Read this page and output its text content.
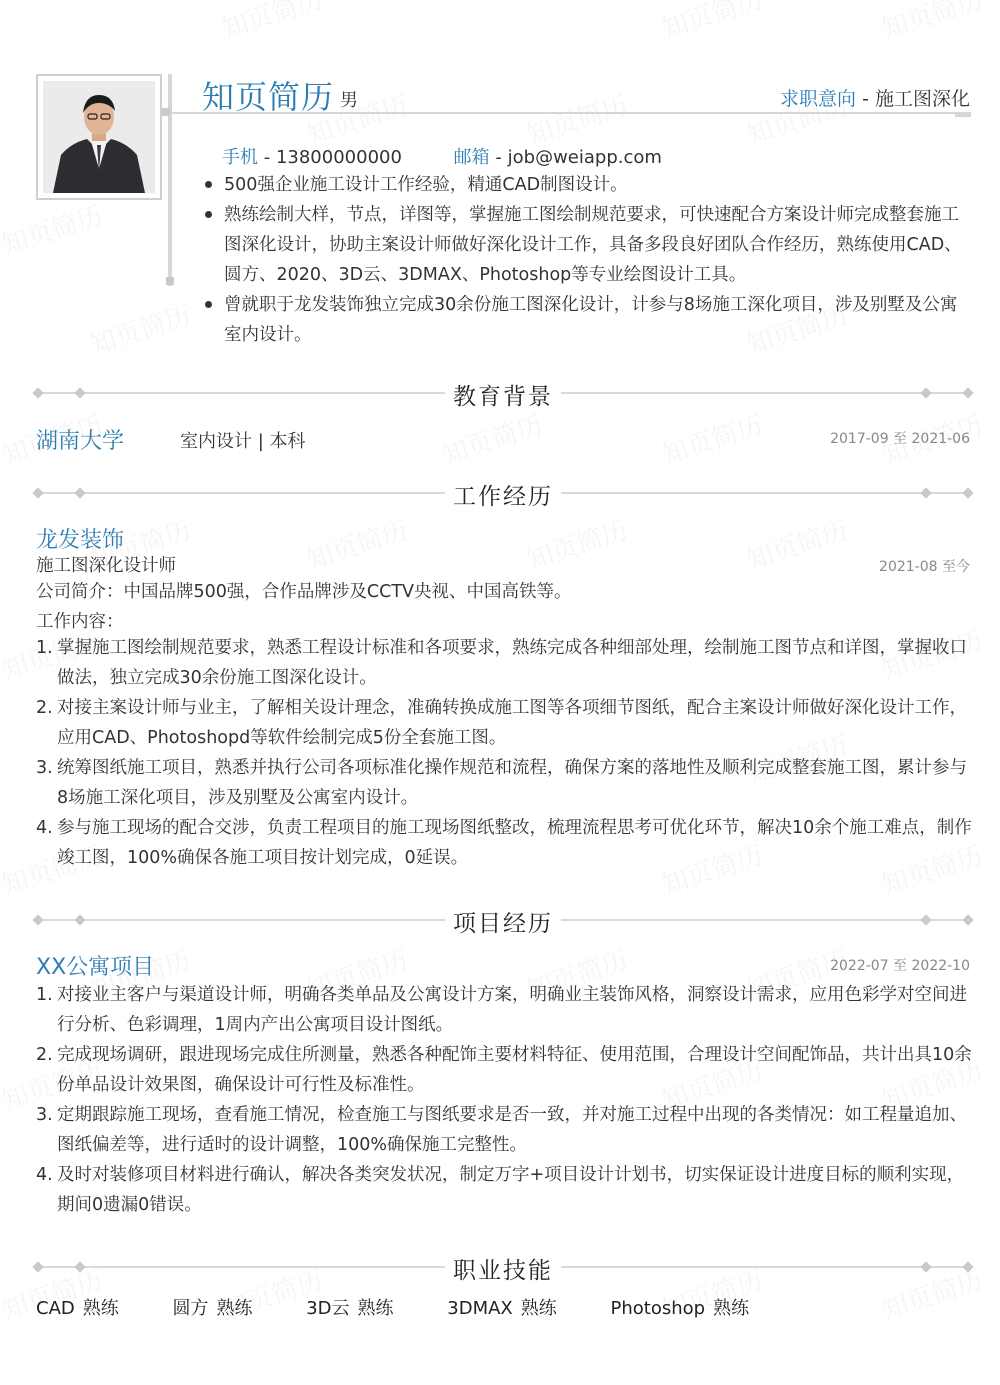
知页简历 男	求职意向 - 施工图深化
手机 - 13800000000	邮箱 - job@weiapp.com
500强企业施工设计工作经验，精通CAD制图设计。
熟练绘制大样，节点，详图等，掌握施工图绘制规范要求，可快速配合方案设计师完成整套施工图深化设计，协助主案设计师做好深化设计工作，具备多段良好团队合作经历，熟练使用CAD、圆方、2020、3D云、3DMAX、Photoshop等专业绘图设计工具。
曾就职于龙发装饰独立完成30余份施工图深化设计，计参与8场施工深化项目，涉及别墅及公寓室内设计。
教育背景
湖南大学	室内设计 | 本科	2017-09 至 2021-06
工作经历
龙发装饰
施工图深化设计师	2021-08 至今
公司简介：中国品牌500强，合作品牌涉及CCTV央视、中国高铁等。
工作内容：
1. 掌握施工图绘制规范要求，熟悉工程设计标准和各项要求，熟练完成各种细部处理，绘制施工图节点和详图，掌握收口做法，独立完成30余份施工图深化设计。
2. 对接主案设计师与业主，了解相关设计理念，准确转换成施工图等各项细节图纸，配合主案设计师做好深化设计工作，应用CAD、Photoshopd等软件绘制完成5份全套施工图。
3. 统筹图纸施工项目，熟悉并执行公司各项标准化操作规范和流程，确保方案的落地性及顺利完成整套施工图，累计参与8场施工深化项目，涉及别墅及公寓室内设计。
4. 参与施工现场的配合交涉，负责工程项目的施工现场图纸整改，梳理流程思考可优化环节，解决10余个施工难点，制作竣工图，100%确保各施工项目按计划完成，0延误。
项目经历
XX公寓项目	2022-07 至 2022-10
1. 对接业主客户与渠道设计师，明确各类单品及公寓设计方案，明确业主装饰风格，洞察设计需求，应用色彩学对空间进行分析、色彩调理，1周内产出公寓项目设计图纸。
2. 完成现场调研，跟进现场完成住所测量，熟悉各种配饰主要材料特征、使用范围，合理设计空间配饰品，共计出具10余份单品设计效果图，确保设计可行性及标准性。
3. 定期跟踪施工现场，查看施工情况，检查施工与图纸要求是否一致，并对施工过程中出现的各类情况：如工程量追加、图纸偏差等，进行适时的设计调整，100%确保施工完整性。
4. 及时对装修项目材料进行确认，解决各类突发状况，制定万字+项目设计计划书，切实保证设计进度目标的顺利实现，期间0遗漏0错误。
职业技能
CAD 熟练	圆方 熟练	3D云 熟练	3DMAX 熟练	Photoshop 熟练
